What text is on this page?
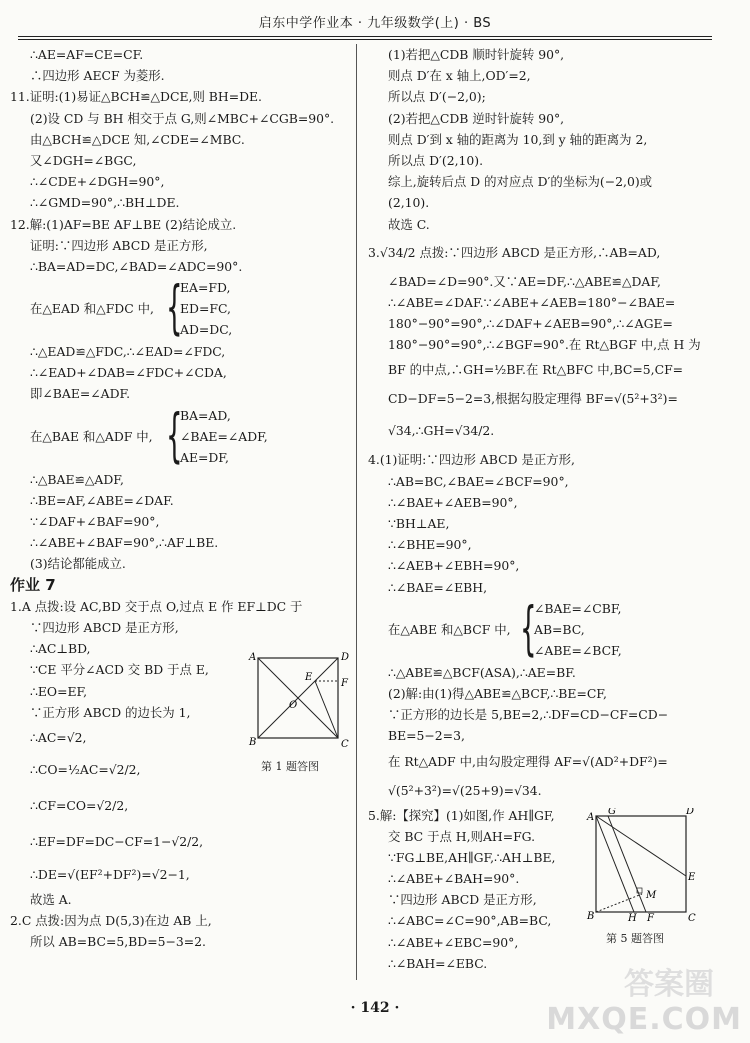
启东中学作业本 · 九年级数学(上) · BS
∴AE=AF=CE=CF.
∴四边形 AECF 为菱形.
11.证明:(1)易证△BCH≌△DCE,则 BH=DE.
(2)设 CD 与 BH 相交于点 G,则∠MBC+∠CGB=90°.
由△BCH≌△DCE 知,∠CDE=∠MBC.
又∠DGH=∠BGC,
∴∠CDE+∠DGH=90°,
∴∠GMD=90°,∴BH⊥DE.
12.解:(1)AF=BE AF⊥BE (2)结论成立.
证明:∵四边形 ABCD 是正方形,
∴BA=AD=DC,∠BAD=∠ADC=90°.
在△EAD 和△FDC 中, {
EA=FD,
ED=FC,
AD=DC,
∴△EAD≌△FDC,∴∠EAD=∠FDC,
∴∠EAD+∠DAB=∠FDC+∠CDA,
即∠BAE=∠ADF.
在△BAE 和△ADF 中, {
BA=AD,
∠BAE=∠ADF,
AE=DF,
∴△BAE≌△ADF,
∴BE=AF,∠ABE=∠DAF.
∵∠DAF+∠BAF=90°,
∴∠ABE+∠BAF=90°,∴AF⊥BE.
(3)结论都能成立.
作业 7
1.A 点拨:设 AC,BD 交于点 O,过点 E 作 EF⊥DC 于
∵四边形 ABCD 是正方形,
∴AC⊥BD,
∵CE 平分∠ACD 交 BD 于点 E,
∴EO=EF,
∵正方形 ABCD 的边长为 1,
∴AC=√2,
∴CO=½AC=√2/2,
∴CF=CO=√2/2,
∴EF=DF=DC−CF=1−√2/2,
∴DE=√(EF²+DF²)=√2−1,
故选 A.
2.C 点拨:因为点 D(5,3)在边 AB 上,
所以 AB=BC=5,BD=5−3=2.
A	D
B	C
E
F
O
第 1 题答图
(1)若把△CDB 顺时针旋转 90°,
则点 D′在 x 轴上,OD′=2,
所以点 D′(−2,0);
(2)若把△CDB 逆时针旋转 90°,
则点 D′到 x 轴的距离为 10,到 y 轴的距离为 2,
所以点 D′(2,10).
综上,旋转后点 D 的对应点 D′的坐标为(−2,0)或
(2,10).
故选 C.
3.√34/2 点拨:∵四边形 ABCD 是正方形,∴AB=AD,
∠BAD=∠D=90°.又∵AE=DF,∴△ABE≌△DAF,
∴∠ABE=∠DAF.∵∠ABE+∠AEB=180°−∠BAE=
180°−90°=90°,∴∠DAF+∠AEB=90°,∴∠AGE=
180°−90°=90°,∴∠BGF=90°.在 Rt△BGF 中,点 H 为
BF 的中点,∴GH=½BF.在 Rt△BFC 中,BC=5,CF=
CD−DF=5−2=3,根据勾股定理得 BF=√(5²+3²)=
√34,∴GH=√34/2.
4.(1)证明:∵四边形 ABCD 是正方形,
∴AB=BC,∠BAE=∠BCF=90°,
∴∠BAE+∠AEB=90°,
∵BH⊥AE,
∴∠BHE=90°,
∴∠AEB+∠EBH=90°,
∴∠BAE=∠EBH,
在△ABE 和△BCF 中, {
∠BAE=∠CBF,
AB=BC,
∠ABE=∠BCF,
∴△ABE≌△BCF(ASA),∴AE=BF.
(2)解:由(1)得△ABE≌△BCF,∴BE=CF,
∵正方形的边长是 5,BE=2,∴DF=CD−CF=CD−
BE=5−2=3,
在 Rt△ADF 中,由勾股定理得 AF=√(AD²+DF²)=
√(5²+3²)=√(25+9)=√34.
5.解:【探究】(1)如图,作 AH∥GF,
交 BC 于点 H,则AH=FG.
∵FG⊥BE,AH∥GF,∴AH⊥BE,
∴∠ABE+∠BAH=90°.
∵四边形 ABCD 是正方形,
∴∠ABC=∠C=90°,AB=BC,
∴∠ABE+∠EBC=90°,
∴∠BAH=∠EBC.
A
G	D
E
M
B	H F	C
第 5 题答图
· 142 ·
答案圈
MXQE.COM
